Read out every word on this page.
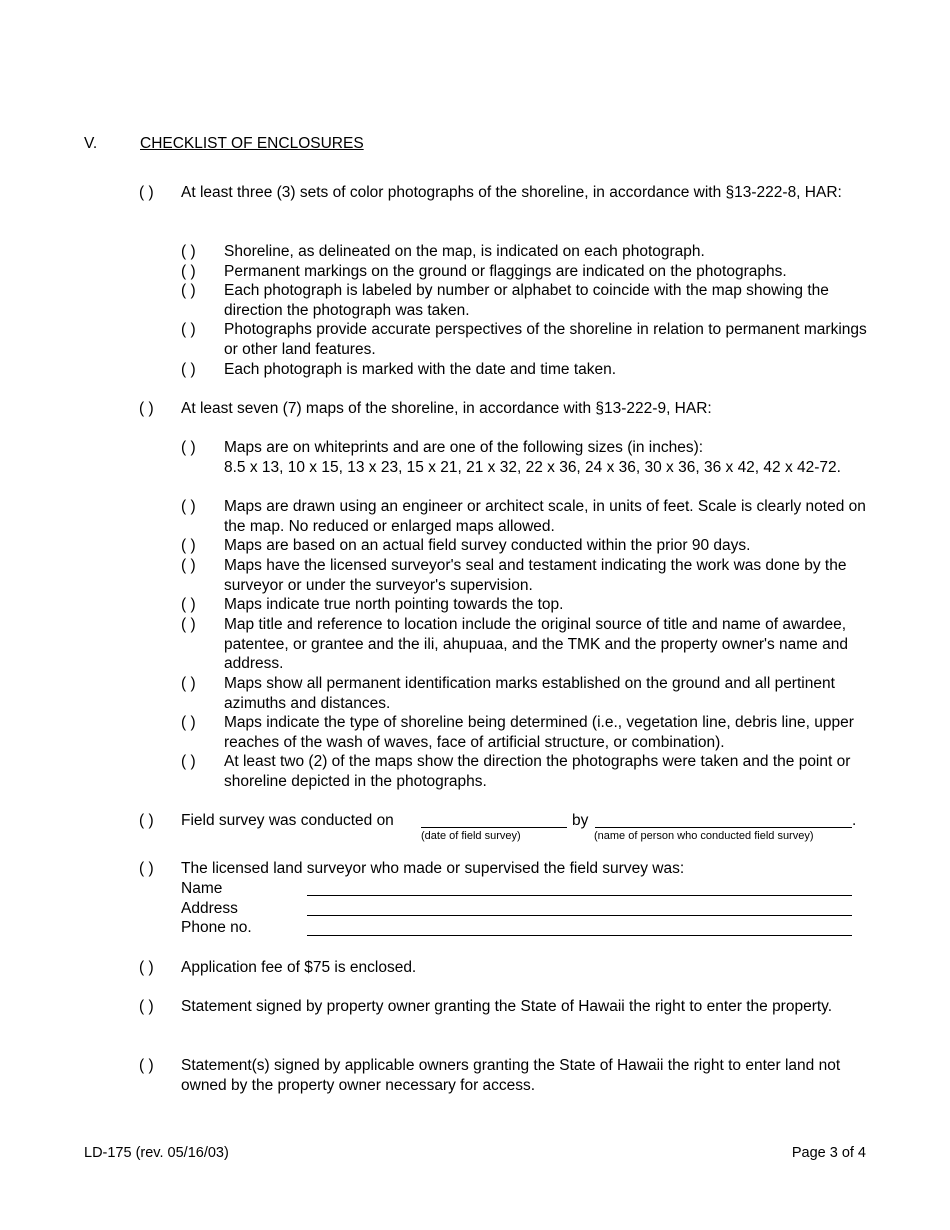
V.	CHECKLIST OF ENCLOSURES
( ) At least three (3) sets of color photographs of the shoreline, in accordance with §13-222-8, HAR:
( ) Shoreline, as delineated on the map, is indicated on each photograph.
( ) Permanent markings on the ground or flaggings are indicated on the photographs.
( ) Each photograph is labeled by number or alphabet to coincide with the map showing the direction the photograph was taken.
( ) Photographs provide accurate perspectives of the shoreline in relation to permanent markings or other land features.
( ) Each photograph is marked with the date and time taken.
( ) At least seven (7) maps of the shoreline, in accordance with §13-222-9, HAR:
( ) Maps are on whiteprints and are one of the following sizes (in inches):
8.5 x 13, 10 x 15, 13 x 23, 15 x 21, 21 x 32, 22 x 36, 24 x 36, 30 x 36, 36 x 42, 42 x 42-72.
( ) Maps are drawn using an engineer or architect scale, in units of feet. Scale is clearly noted on the map. No reduced or enlarged maps allowed.
( ) Maps are based on an actual field survey conducted within the prior 90 days.
( ) Maps have the licensed surveyor's seal and testament indicating the work was done by the surveyor or under the surveyor's supervision.
( ) Maps indicate true north pointing towards the top.
( ) Map title and reference to location include the original source of title and name of awardee, patentee, or grantee and the ili, ahupuaa, and the TMK and the property owner's name and address.
( ) Maps show all permanent identification marks established on the ground and all pertinent azimuths and distances.
( ) Maps indicate the type of shoreline being determined (i.e., vegetation line, debris line, upper reaches of the wash of waves, face of artificial structure, or combination).
( ) At least two (2) of the maps show the direction the photographs were taken and the point or shoreline depicted in the photographs.
( ) Field survey was conducted on	by	.
(date of field survey)	(name of person who conducted field survey)
( ) The licensed land surveyor who made or supervised the field survey was:
Name
Address
Phone no.
( ) Application fee of $75 is enclosed.
( ) Statement signed by property owner granting the State of Hawaii the right to enter the property.
( ) Statement(s) signed by applicable owners granting the State of Hawaii the right to enter land not owned by the property owner necessary for access.
LD-175 (rev. 05/16/03)	Page 3 of 4
